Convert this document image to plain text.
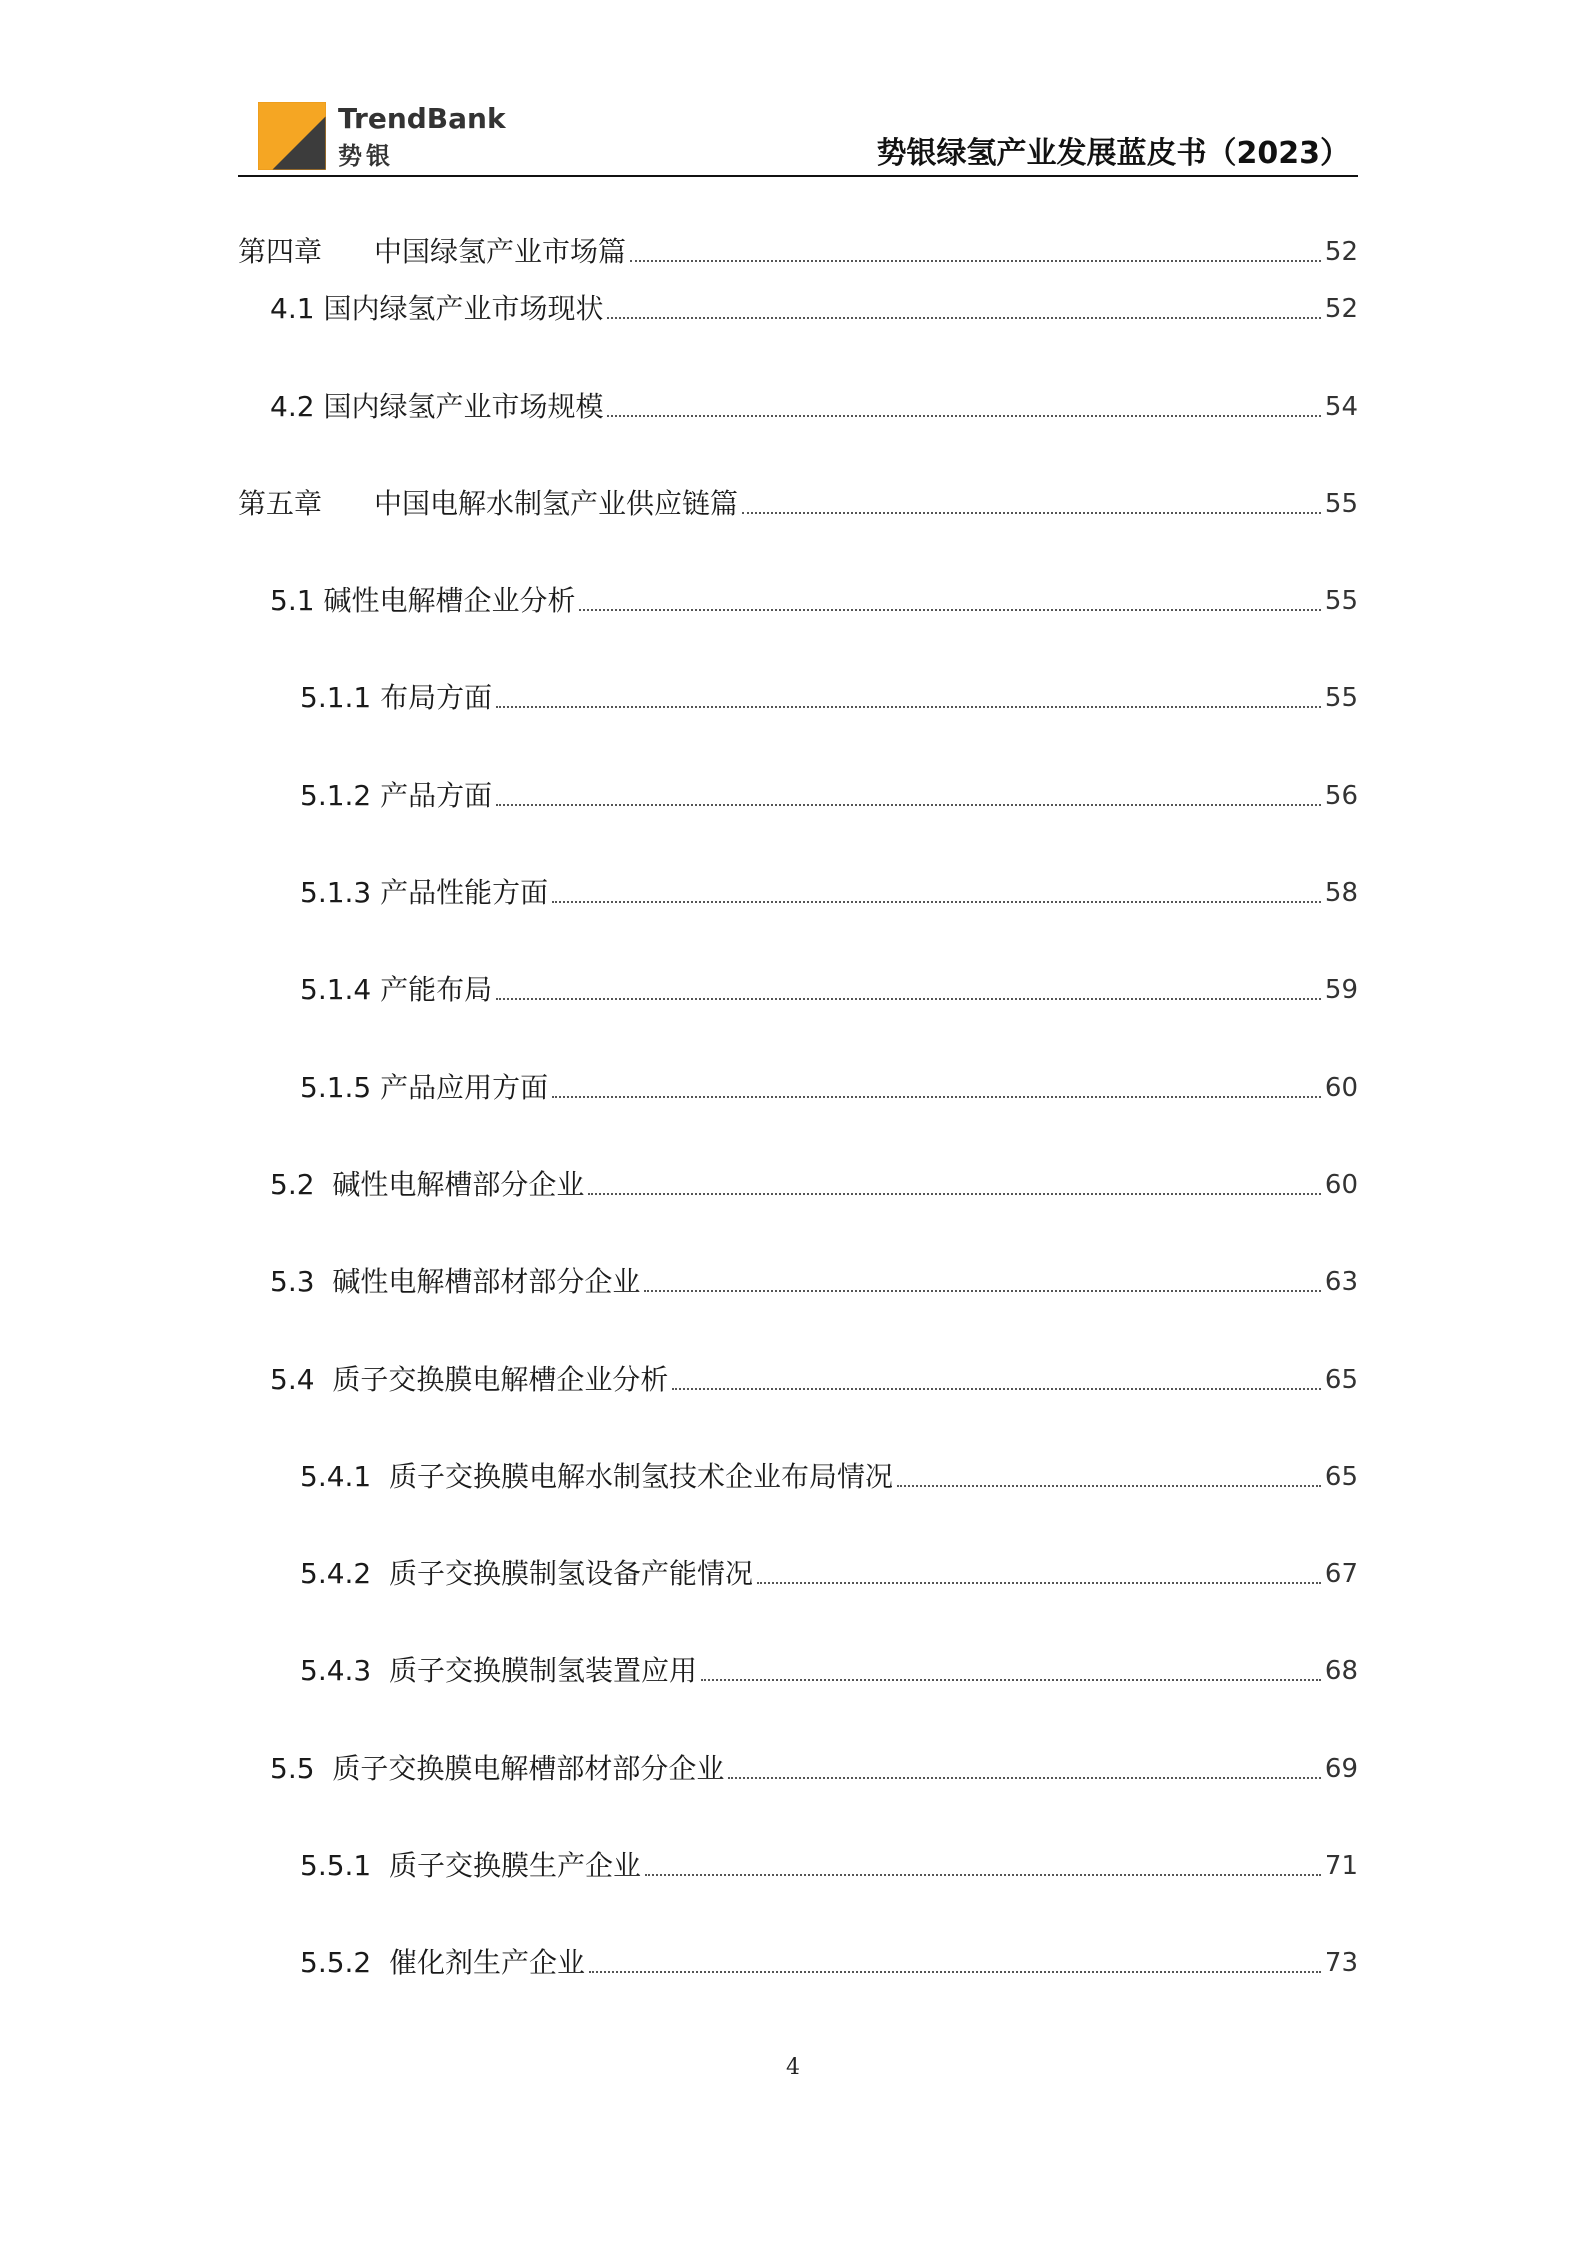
TrendBank
势银	势银绿氢产业发展蓝皮书（2023）
第四章 中国绿氢产业市场篇	52
4.1 国内绿氢产业市场现状	52
4.2 国内绿氢产业市场规模	54
第五章 中国电解水制氢产业供应链篇	55
5.1 碱性电解槽企业分析	55
5.1.1 布局方面	55
5.1.2 产品方面	56
5.1.3 产品性能方面	58
5.1.4 产能布局	59
5.1.5 产品应用方面	60
5.2 碱性电解槽部分企业	60
5.3 碱性电解槽部材部分企业	63
5.4 质子交换膜电解槽企业分析	65
5.4.1 质子交换膜电解水制氢技术企业布局情况	65
5.4.2 质子交换膜制氢设备产能情况	67
5.4.3 质子交换膜制氢装置应用	68
5.5 质子交换膜电解槽部材部分企业	69
5.5.1 质子交换膜生产企业	71
5.5.2 催化剂生产企业	73
4
